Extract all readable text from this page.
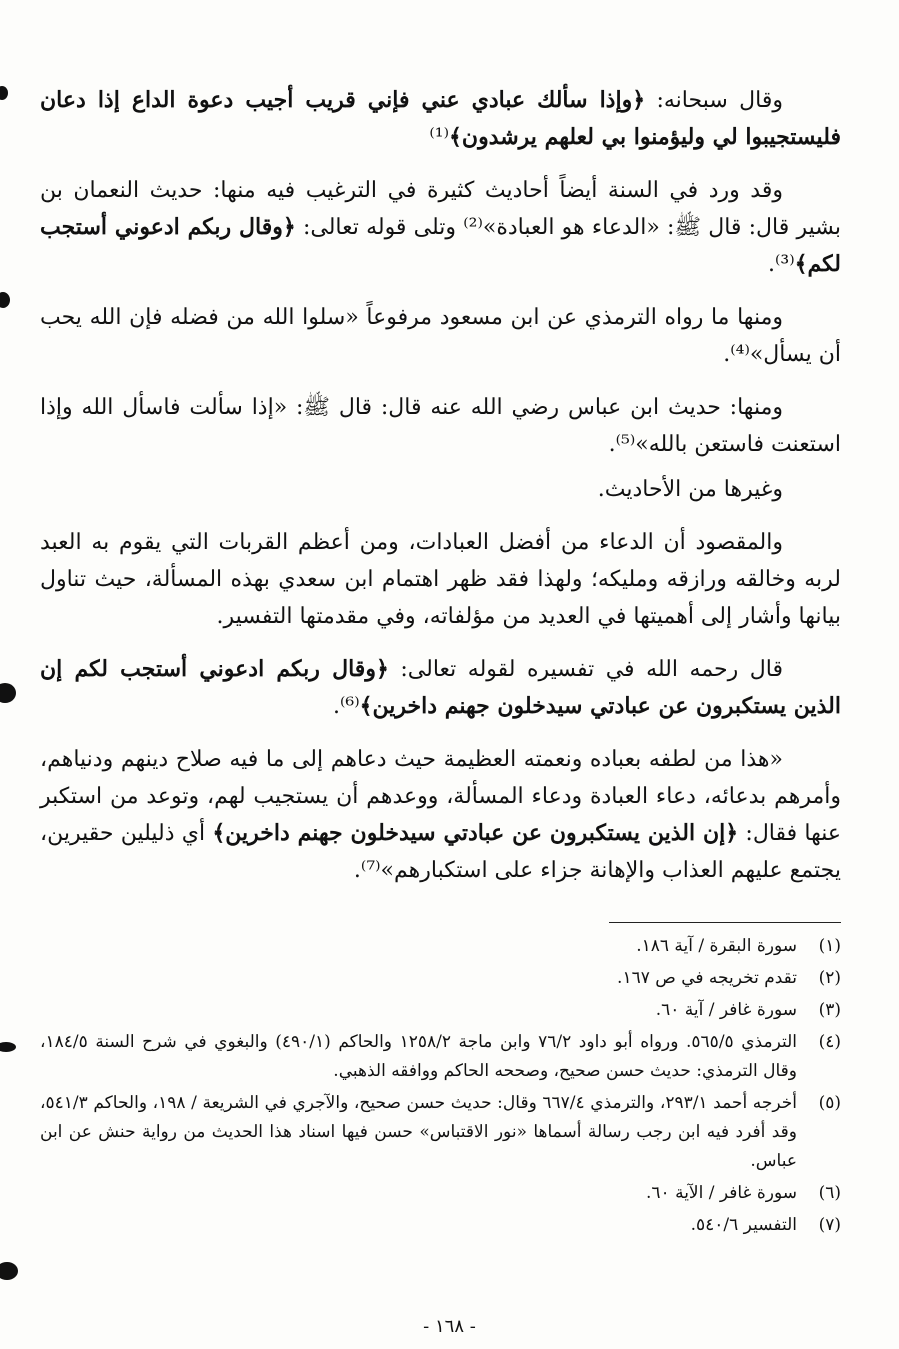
وقال سبحانه: ﴿وإذا سألك عبادي عني فإني قريب أجيب دعوة الداع إذا دعان فليستجيبوا لي وليؤمنوا بي لعلهم يرشدون﴾⁽¹⁾

وقد ورد في السنة أيضاً أحاديث كثيرة في الترغيب فيه منها: حديث النعمان بن بشير قال: قال ﷺ: «الدعاء هو العبادة»⁽²⁾ وتلى قوله تعالى: ﴿وقال ربكم ادعوني أستجب لكم﴾⁽³⁾.

ومنها ما رواه الترمذي عن ابن مسعود مرفوعاً «سلوا الله من فضله فإن الله يحب أن يسأل»⁽⁴⁾.

ومنها: حديث ابن عباس رضي الله عنه قال: قال ﷺ: «إذا سألت فاسأل الله وإذا استعنت فاستعن بالله»⁽⁵⁾.

وغيرها من الأحاديث.

والمقصود أن الدعاء من أفضل العبادات، ومن أعظم القربات التي يقوم به العبد لربه وخالقه ورازقه ومليكه؛ ولهذا فقد ظهر اهتمام ابن سعدي بهذه المسألة، حيث تناول بيانها وأشار إلى أهميتها في العديد من مؤلفاته، وفي مقدمتها التفسير.

قال رحمه الله في تفسيره لقوله تعالى: ﴿وقال ربكم ادعوني أستجب لكم إن الذين يستكبرون عن عبادتي سيدخلون جهنم داخرين﴾⁽⁶⁾.

«هذا من لطفه بعباده ونعمته العظيمة حيث دعاهم إلى ما فيه صلاح دينهم ودنياهم، وأمرهم بدعائه، دعاء العبادة ودعاء المسألة، ووعدهم أن يستجيب لهم، وتوعد من استكبر عنها فقال: ﴿إن الذين يستكبرون عن عبادتي سيدخلون جهنم داخرين﴾ أي ذليلين حقيرين، يجتمع عليهم العذاب والإهانة جزاء على استكبارهم»⁽⁷⁾.

(١)
سورة البقرة / آية ١٨٦.
(٢)
تقدم تخريجه في ص ١٦٧.
(٣)
سورة غافر / آية ٦٠.
(٤)
الترمذي ٥٦٥/٥. ورواه أبو داود ٧٦/٢ وابن ماجة ١٢٥٨/٢ والحاكم (٤٩٠/١) والبغوي في شرح السنة ١٨٤/٥، وقال الترمذي: حديث حسن صحيح، وصححه الحاكم ووافقه الذهبي.
(٥)
أخرجه أحمد ٢٩٣/١، والترمذي ٦٦٧/٤ وقال: حديث حسن صحيح، والآجري في الشريعة / ١٩٨، والحاكم ٥٤١/٣، وقد أفرد فيه ابن رجب رسالة أسماها «نور الاقتباس» حسن فيها اسناد هذا الحديث من رواية حنش عن ابن عباس.
(٦)
سورة غافر / الآية ٦٠.
(٧)
التفسير ٥٤٠/٦.
- ١٦٨ -
